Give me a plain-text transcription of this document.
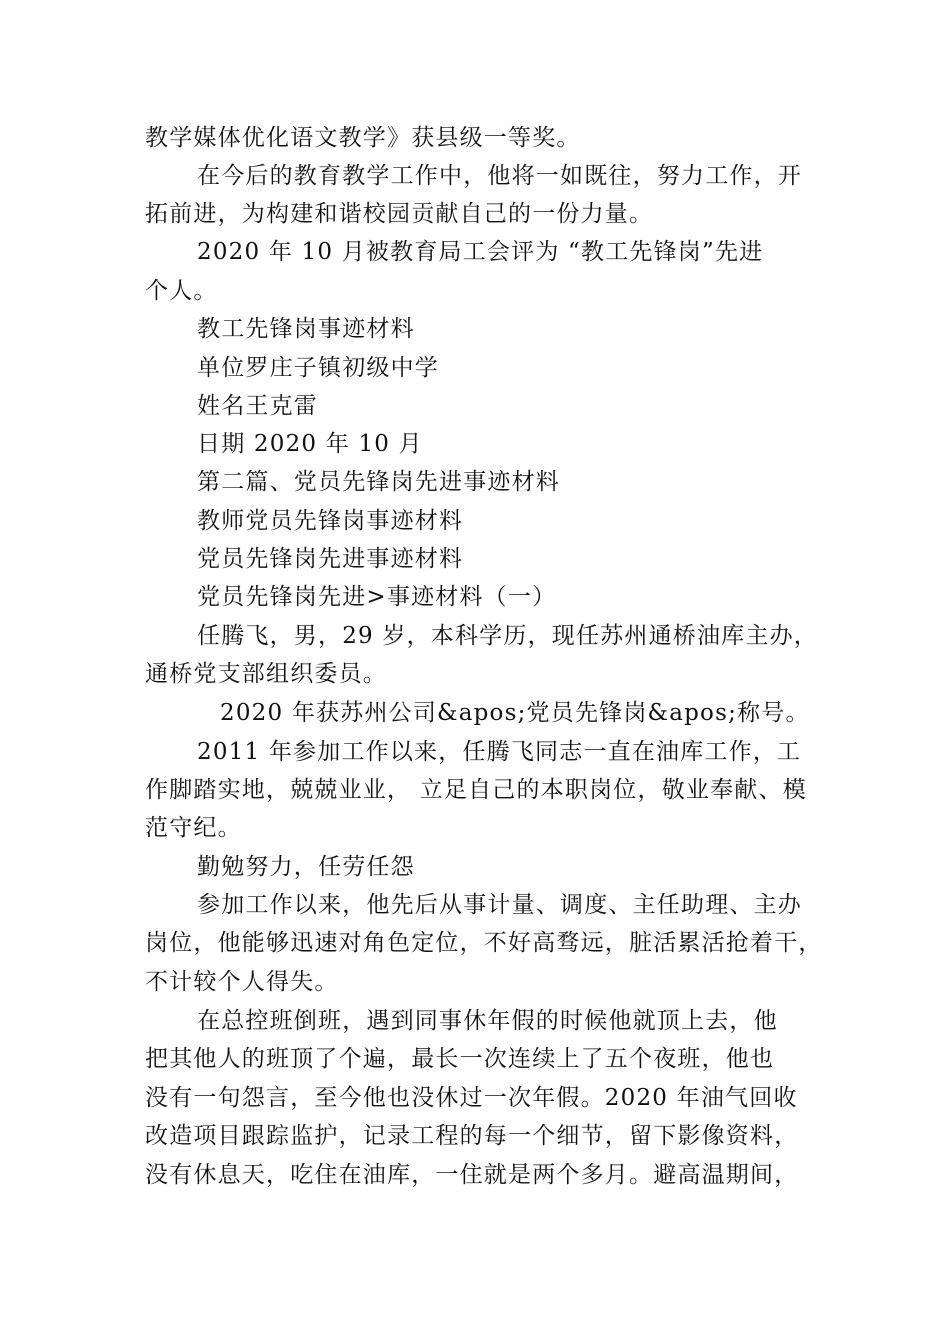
教学媒体优化语文教学》获县级一等奖。
在今后的教育教学工作中，他将一如既往，努力工作，开
拓前进，为构建和谐校园贡献自己的一份力量。
2020 年 10 月被教育局工会评为 “教工先锋岗”先进
个人。
教工先锋岗事迹材料
单位罗庄子镇初级中学
姓名王克雷
日期 2020 年 10 月
第二篇、党员先锋岗先进事迹材料
教师党员先锋岗事迹材料
党员先锋岗先进事迹材料
党员先锋岗先进>事迹材料（一）
任腾飞，男，29 岁，本科学历，现任苏州通桥油库主办，
通桥党支部组织委员。
2020 年获苏州公司&apos;党员先锋岗&apos;称号。
2011 年参加工作以来，任腾飞同志一直在油库工作，工
作脚踏实地，兢兢业业， 立足自己的本职岗位，敬业奉献、模
范守纪。
勤勉努力，任劳任怨
参加工作以来，他先后从事计量、调度、主任助理、主办
岗位，他能够迅速对角色定位，不好高骛远，脏活累活抢着干，
不计较个人得失。
在总控班倒班，遇到同事休年假的时候他就顶上去，他
把其他人的班顶了个遍，最长一次连续上了五个夜班，他也
没有一句怨言，至今他也没休过一次年假。2020 年油气回收
改造项目跟踪监护，记录工程的每一个细节，留下影像资料，
没有休息天，吃住在油库，一住就是两个多月。避高温期间，
